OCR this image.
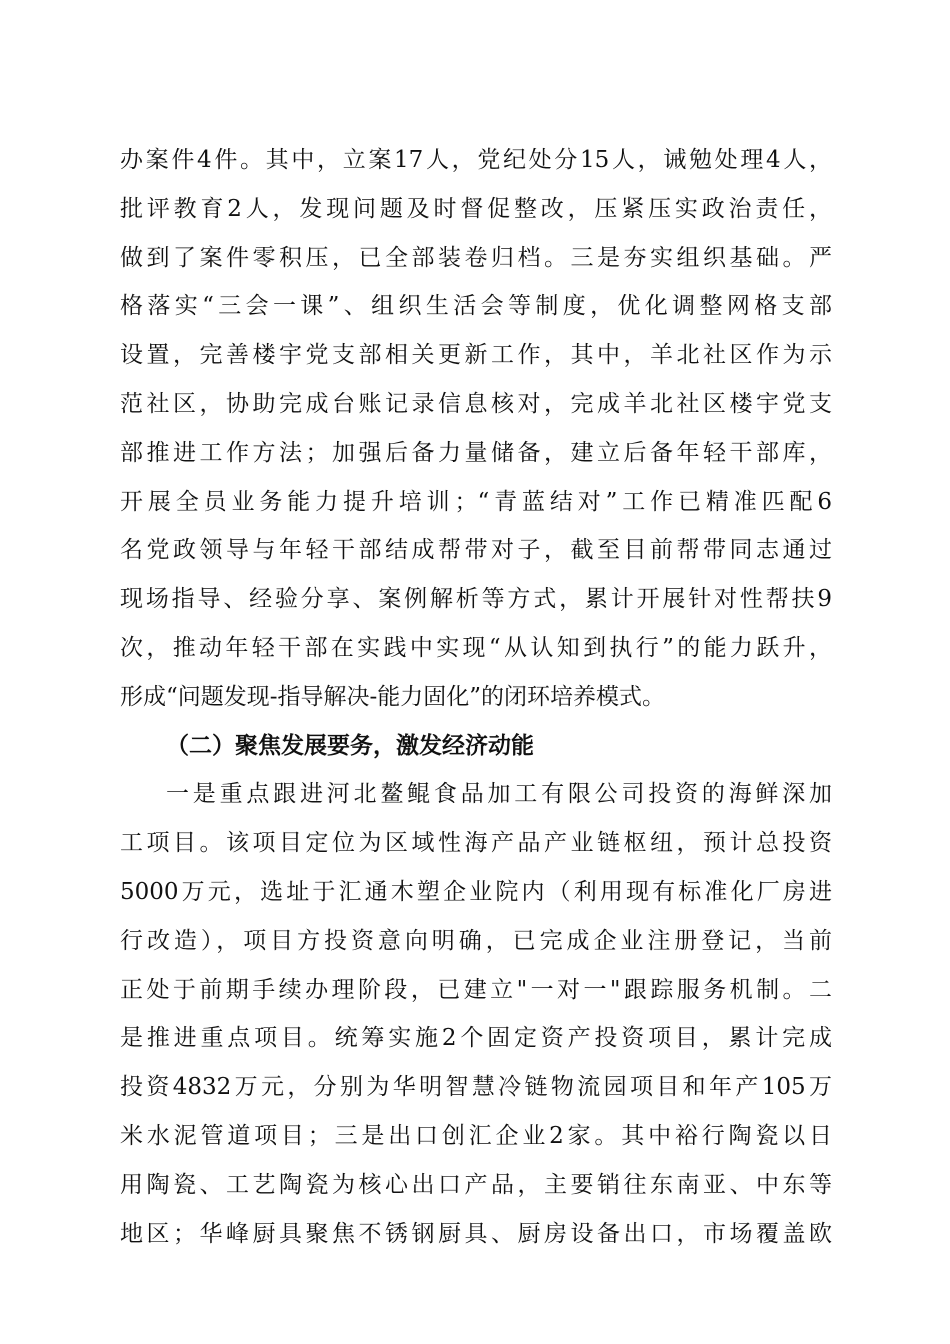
办案件4件。其中，立案17人，党纪处分15人，诫勉处理4人，
批评教育2人，发现问题及时督促整改，压紧压实政治责任，
做到了案件零积压，已全部装卷归档。三是夯实组织基础。严
格落实“三会一课”、组织生活会等制度，优化调整网格支部
设置，完善楼宇党支部相关更新工作，其中，羊北社区作为示
范社区，协助完成台账记录信息核对，完成羊北社区楼宇党支
部推进工作方法；加强后备力量储备，建立后备年轻干部库，
开展全员业务能力提升培训；“青蓝结对”工作已精准匹配6
名党政领导与年轻干部结成帮带对子，截至目前帮带同志通过
现场指导、经验分享、案例解析等方式，累计开展针对性帮扶9
次，推动年轻干部在实践中实现“从认知到执行”的能力跃升，
形成“问题发现-指导解决-能力固化”的闭环培养模式。
（二）聚焦发展要务，激发经济动能
一是重点跟进河北鳌鲲食品加工有限公司投资的海鲜深加
工项目。该项目定位为区域性海产品产业链枢纽，预计总投资
5000万元，选址于汇通木塑企业院内（利用现有标准化厂房进
行改造），项目方投资意向明确，已完成企业注册登记，当前
正处于前期手续办理阶段，已建立"一对一"跟踪服务机制。二
是推进重点项目。统筹实施2个固定资产投资项目，累计完成
投资4832万元，分别为华明智慧冷链物流园项目和年产105万
米水泥管道项目；三是出口创汇企业2家。其中裕行陶瓷以日
用陶瓷、工艺陶瓷为核心出口产品，主要销往东南亚、中东等
地区；华峰厨具聚焦不锈钢厨具、厨房设备出口，市场覆盖欧
